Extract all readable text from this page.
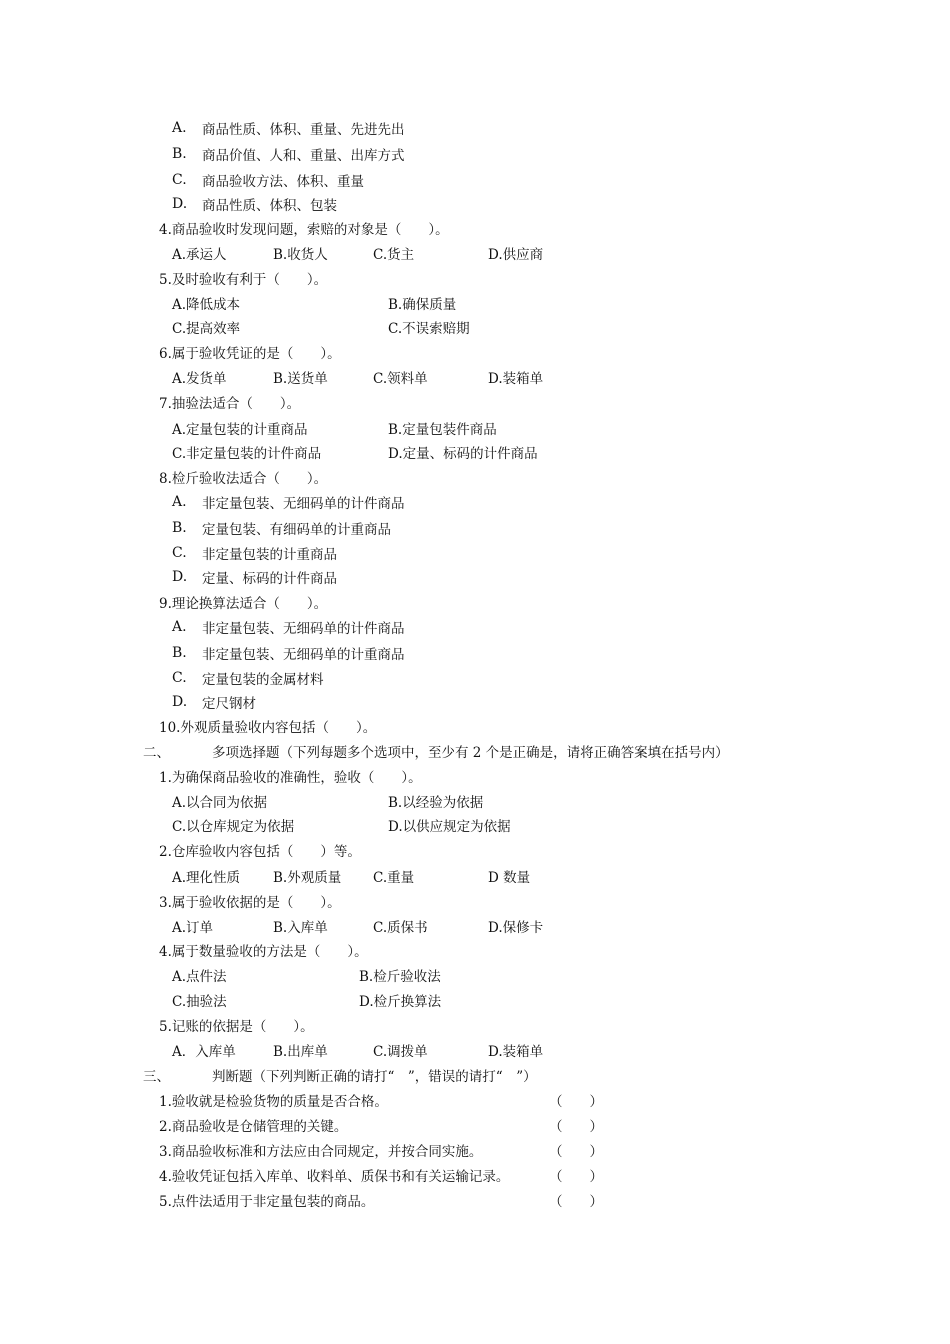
A. 商品性质、体积、重量、先进先出
B. 商品价值、人和、重量、出库方式
C. 商品验收方法、体积、重量
D. 商品性质、体积、包装
4.商品验收时发现问题，索赔的对象是（　　）。
A.承运人	B.收货人	C.货主	D.供应商
5.及时验收有利于（　　）。
A.降低成本	B.确保质量
C.提高效率	C.不误索赔期
6.属于验收凭证的是（　　）。
A.发货单	B.送货单	C.领料单	D.装箱单
7.抽验法适合（　　）。
A.定量包装的计重商品	B.定量包装件商品
C.非定量包装的计件商品	D.定量、标码的计件商品
8.检斤验收法适合（　　）。
A. 非定量包装、无细码单的计件商品
B. 定量包装、有细码单的计重商品
C. 非定量包装的计重商品
D. 定量、标码的计件商品
9.理论换算法适合（　　）。
A. 非定量包装、无细码单的计件商品
B. 非定量包装、无细码单的计重商品
C. 定量包装的金属材料
D. 定尺钢材
10.外观质量验收内容包括（　　）。
二、	多项选择题（下列每题多个选项中，至少有 2 个是正确是，请将正确答案填在括号内）
1.为确保商品验收的准确性，验收（　　）。
A.以合同为依据	B.以经验为依据
C.以仓库规定为依据	D.以供应规定为依据
2.仓库验收内容包括（　　）等。
A.理化性质 B.外观质量 C.重量	D 数量
3.属于验收依据的是（　　）。
A.订单	B.入库单	C.质保书	D.保修卡
4.属于数量验收的方法是（　　）。
A.点件法	B.检斤验收法
C.抽验法	D.检斤换算法
5.记账的依据是（　　）。
A．入库单	B.出库单	C.调拨单	D.装箱单
三、	判断题（下列判断正确的请打“　”，错误的请打“　”）
1.验收就是检验货物的质量是否合格。	（　　）
2.商品验收是仓储管理的关键。	（　　）
3.商品验收标准和方法应由合同规定，并按合同实施。	（　　）
4.验收凭证包括入库单、收料单、质保书和有关运输记录。	（　　）
5.点件法适用于非定量包装的商品。	（　　）
